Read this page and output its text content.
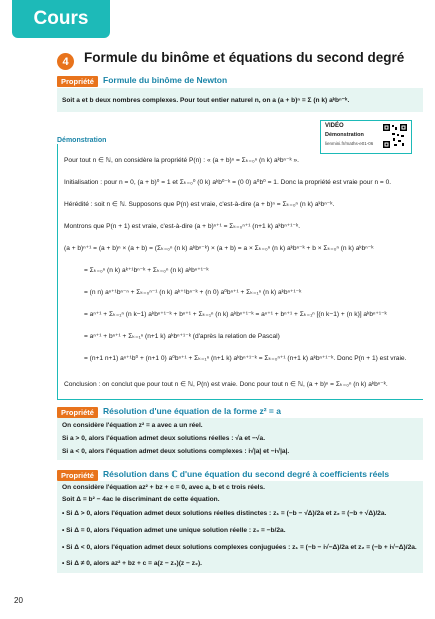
Cours
4	Formule du binôme et équations du second degré
Propriété	Formule du binôme de Newton
Soit a et b deux nombres complexes. Pour tout entier naturel n, on a (a + b)ⁿ = Σ (n k) aᵏbⁿ⁻ᵏ.
VIDÉO
Démonstration
lienmini.fr/maths-e01-06
Démonstration
Pour tout n ∈ ℕ, on considère la propriété P(n) : « (a + b)ⁿ = Σₖ₌₀ⁿ (n k) aᵏbⁿ⁻ᵏ ».
Initialisation : pour n = 0, (a + b)⁰ = 1 et Σₖ₌₀⁰ (0 k) aᵏb⁰⁻ᵏ = (0 0) a⁰b⁰ = 1. Donc la propriété est vraie pour n = 0.
Hérédité : soit n ∈ ℕ. Supposons que P(n) est vraie, c'est-à-dire (a + b)ⁿ = Σₖ₌₀ⁿ (n k) aᵏbⁿ⁻ᵏ.
Montrons que P(n + 1) est vraie, c'est-à-dire (a + b)ⁿ⁺¹ = Σₖ₌₀ⁿ⁺¹ (n+1 k) aᵏbⁿ⁺¹⁻ᵏ.
(a + b)ⁿ⁺¹ = (a + b)ⁿ × (a + b) = (Σₖ₌₀ⁿ (n k) aᵏbⁿ⁻ᵏ) × (a + b) = a × Σₖ₌₀ⁿ (n k) aᵏbⁿ⁻ᵏ + b × Σₖ₌₀ⁿ (n k) aᵏbⁿ⁻ᵏ
= Σₖ₌₀ⁿ (n k) aᵏ⁺¹bⁿ⁻ᵏ + Σₖ₌₀ⁿ (n k) aᵏbⁿ⁺¹⁻ᵏ
= (n n) aⁿ⁺¹bⁿ⁻ⁿ + Σₖ₌₀ⁿ⁻¹ (n k) aᵏ⁺¹bⁿ⁻ᵏ + (n 0) a⁰bⁿ⁺¹ + Σₖ₌₁ⁿ (n k) aᵏbⁿ⁺¹⁻ᵏ
= aⁿ⁺¹ + Σₖ₌₁ⁿ (n k−1) aᵏbⁿ⁺¹⁻ᵏ + bⁿ⁺¹ + Σₖ₌₁ⁿ (n k) aᵏbⁿ⁺¹⁻ᵏ = aⁿ⁺¹ + bⁿ⁺¹ + Σₖ₌₁ⁿ [(n k−1) + (n k)] aᵏbⁿ⁺¹⁻ᵏ
= aⁿ⁺¹ + bⁿ⁺¹ + Σₖ₌₁ⁿ (n+1 k) aᵏbⁿ⁺¹⁻ᵏ (d'après la relation de Pascal)
= (n+1 n+1) aⁿ⁺¹b⁰ + (n+1 0) a⁰bⁿ⁺¹ + Σₖ₌₁ⁿ (n+1 k) aᵏbⁿ⁺¹⁻ᵏ = Σₖ₌₀ⁿ⁺¹ (n+1 k) aᵏbⁿ⁺¹⁻ᵏ. Donc P(n + 1) est vraie.
Conclusion : on conclut que pour tout n ∈ ℕ, P(n) est vraie. Donc pour tout n ∈ ℕ, (a + b)ⁿ = Σₖ₌₀ⁿ (n k) aᵏbⁿ⁻ᵏ.
Propriété	Résolution d'une équation de la forme z² = a
On considère l'équation z² = a avec a un réel.
Si a > 0, alors l'équation admet deux solutions réelles : √a et −√a.
Si a < 0, alors l'équation admet deux solutions complexes : i√|a| et −i√|a|.
Propriété	Résolution dans ℂ d'une équation du second degré à coefficients réels
On considère l'équation az² + bz + c = 0, avec a, b et c trois réels.
Soit Δ = b² − 4ac le discriminant de cette équation.
• Si Δ > 0, alors l'équation admet deux solutions réelles distinctes : z₁ = (−b − √Δ)/2a et z₂ = (−b + √Δ)/2a.
• Si Δ = 0, alors l'équation admet une unique solution réelle : z₀ = −b/2a.
• Si Δ < 0, alors l'équation admet deux solutions complexes conjuguées : z₁ = (−b − i√−Δ)/2a et z₂ = (−b + i√−Δ)/2a.
• Si Δ ≠ 0, alors az² + bz + c = a(z − z₁)(z − z₂).
20
